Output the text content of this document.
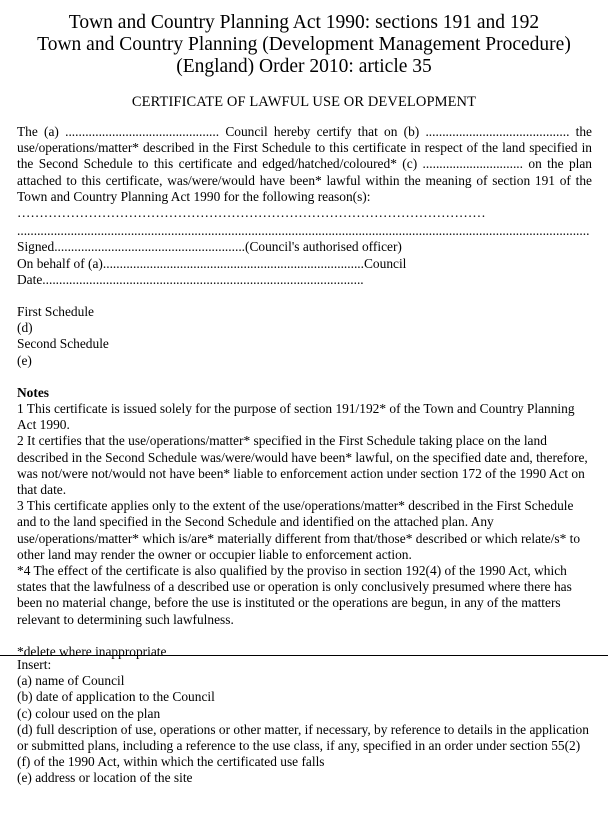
Town and Country Planning Act 1990: sections 191 and 192
Town and Country Planning (Development Management Procedure)
(England) Order 2010: article 35
CERTIFICATE OF LAWFUL USE OR DEVELOPMENT
The (a) .............................................. Council hereby certify that on (b) ........................................... the use/operations/matter* described in the First Schedule to this certificate in respect of the land specified in the Second Schedule to this certificate and edged/hatched/coloured* (c) .............................. on the plan attached to this certificate, was/were/would have been* lawful within the meaning of section 191 of the Town and Country Planning Act 1990 for the following reason(s):
……………………………………………………………………………………………
...........................................................................................................................................................................
Signed.........................................................(Council's authorised officer)
On behalf of (a)..............................................................................Council
Date................................................................................................
First Schedule
(d)
Second Schedule
(e)
Notes
1 This certificate is issued solely for the purpose of section 191/192* of the Town and Country Planning Act 1990.
2 It certifies that the use/operations/matter* specified in the First Schedule taking place on the land described in the Second Schedule was/were/would have been* lawful, on the specified date and, therefore, was not/were not/would not have been* liable to enforcement action under section 172 of the 1990 Act on that date.
3 This certificate applies only to the extent of the use/operations/matter* described in the First Schedule and to the land specified in the Second Schedule and identified on the attached plan. Any use/operations/matter* which is/are* materially different from that/those* described or which relate/s* to other land may render the owner or occupier liable to enforcement action.
*4 The effect of the certificate is also qualified by the proviso in section 192(4) of the 1990 Act, which states that the lawfulness of a described use or operation is only conclusively presumed where there has been no material change, before the use is instituted or the operations are begun, in any of the matters relevant to determining such lawfulness.
*delete where inappropriate
Insert:
(a) name of Council
(b) date of application to the Council
(c) colour used on the plan
(d) full description of use, operations or other matter, if necessary, by reference to details in the application or submitted plans, including a reference to the use class, if any, specified in an order under section 55(2)(f) of the 1990 Act, within which the certificated use falls
(e) address or location of the site
